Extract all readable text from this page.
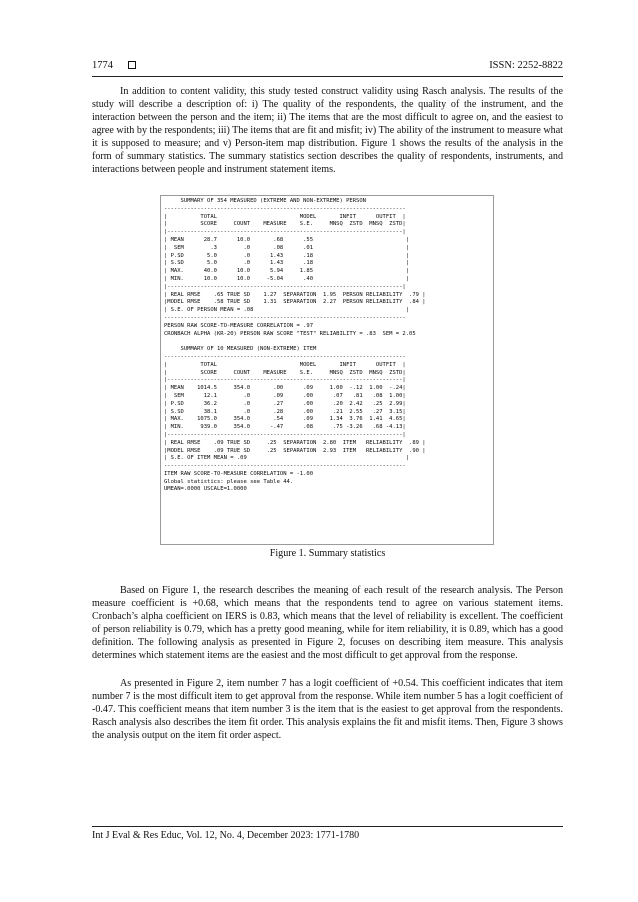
1774	ISSN: 2252-8822

In addition to content validity, this study tested construct validity using Rasch analysis. The results of the study will describe a description of: i) The quality of the respondents, the quality of the instrument, and the interaction between the person and the item; ii) The items that are the most difficult to agree on, and the easiest to agree with by the respondents; iii) The items that are fit and misfit; iv) The ability of the instrument to measure what it is supposed to measure; and v) Person-item map distribution. Figure 1 shows the results of the analysis in the form of summary statistics. The summary statistics section describes the quality of respondents, instruments, and interactions between people and instrument statement items.

SUMMARY OF 354 MEASURED (EXTREME AND NON-EXTREME) PERSON
-------------------------------------------------------------------------
|          TOTAL                         MODEL       INFIT      OUTFIT  |
|          SCORE     COUNT    MEASURE    S.E.     MNSQ  ZSTD  MNSQ  ZSTD|
|-----------------------------------------------------------------------|
| MEAN      28.7      10.0       .68      .55                            |
|  SEM        .3        .0       .08      .01                            |
| P.SD       5.0        .0      1.43      .18                            |
| S.SD       5.0        .0      1.43      .18                            |
| MAX.      40.0      10.0      5.94     1.85                            |
| MIN.      10.0      10.0     -5.04      .40                            |
|-----------------------------------------------------------------------|
| REAL RMSE    .65 TRUE SD    1.27  SEPARATION  1.95  PERSON RELIABILITY  .79 |
|MODEL RMSE    .58 TRUE SD    1.31  SEPARATION  2.27  PERSON RELIABILITY  .84 |
| S.E. OF PERSON MEAN = .08                                              |
-------------------------------------------------------------------------
PERSON RAW SCORE-TO-MEASURE CORRELATION = .97
CRONBACH ALPHA (KR-20) PERSON RAW SCORE "TEST" RELIABILITY = .83  SEM = 2.05

SUMMARY OF 10 MEASURED (NON-EXTREME) ITEM
-------------------------------------------------------------------------
|          TOTAL                         MODEL       INFIT      OUTFIT  |
|          SCORE     COUNT    MEASURE    S.E.     MNSQ  ZSTD  MNSQ  ZSTD|
|-----------------------------------------------------------------------|
| MEAN    1014.5     354.0       .00      .09     1.00  -.12  1.00  -.24|
|  SEM      12.1        .0       .09      .00      .07   .81   .08  1.00|
| P.SD      36.2        .0       .27      .00      .20  2.42   .25  2.99|
| S.SD      38.1        .0       .28      .00      .21  2.55   .27  3.15|
| MAX.    1075.0     354.0       .54      .09     1.34  3.76  1.41  4.65|
| MIN.     939.0     354.0      -.47      .08      .75 -3.26   .68 -4.13|
|-----------------------------------------------------------------------|
| REAL RMSE    .09 TRUE SD     .25  SEPARATION  2.80  ITEM   RELIABILITY  .89 |
|MODEL RMSE    .09 TRUE SD     .25  SEPARATION  2.93  ITEM   RELIABILITY  .90 |
| S.E. OF ITEM MEAN = .09                                                |
-------------------------------------------------------------------------
ITEM RAW SCORE-TO-MEASURE CORRELATION = -1.00
Global statistics: please see Table 44.
UMEAN=.0000 USCALE=1.0000
Figure 1. Summary statistics

Based on Figure 1, the research describes the meaning of each result of the research analysis. The Person measure coefficient is +0.68, which means that the respondents tend to agree on various statement items. Cronbach’s alpha coefficient on IERS is 0.83, which means that the level of reliability is excellent. The coefficient of person reliability is 0.79, which has a pretty good meaning, while for item reliability, it is 0.89, which has a good definition. The following analysis as presented in Figure 2, focuses on describing item measure. This analysis determines which statement items are the easiest and the most difficult to get approval from the response.

As presented in Figure 2, item number 7 has a logit coefficient of +0.54. This coefficient indicates that item number 7 is the most difficult item to get approval from the response. While item number 5 has a logit coefficient of -0.47. This coefficient means that item number 3 is the item that is the easiest to get approval from the respondents. Rasch analysis also describes the item fit order. This analysis explains the fit and misfit items. Then, Figure 3 shows the analysis output on the item fit order aspect.

Int J Eval & Res Educ, Vol. 12, No. 4, December 2023: 1771-1780
